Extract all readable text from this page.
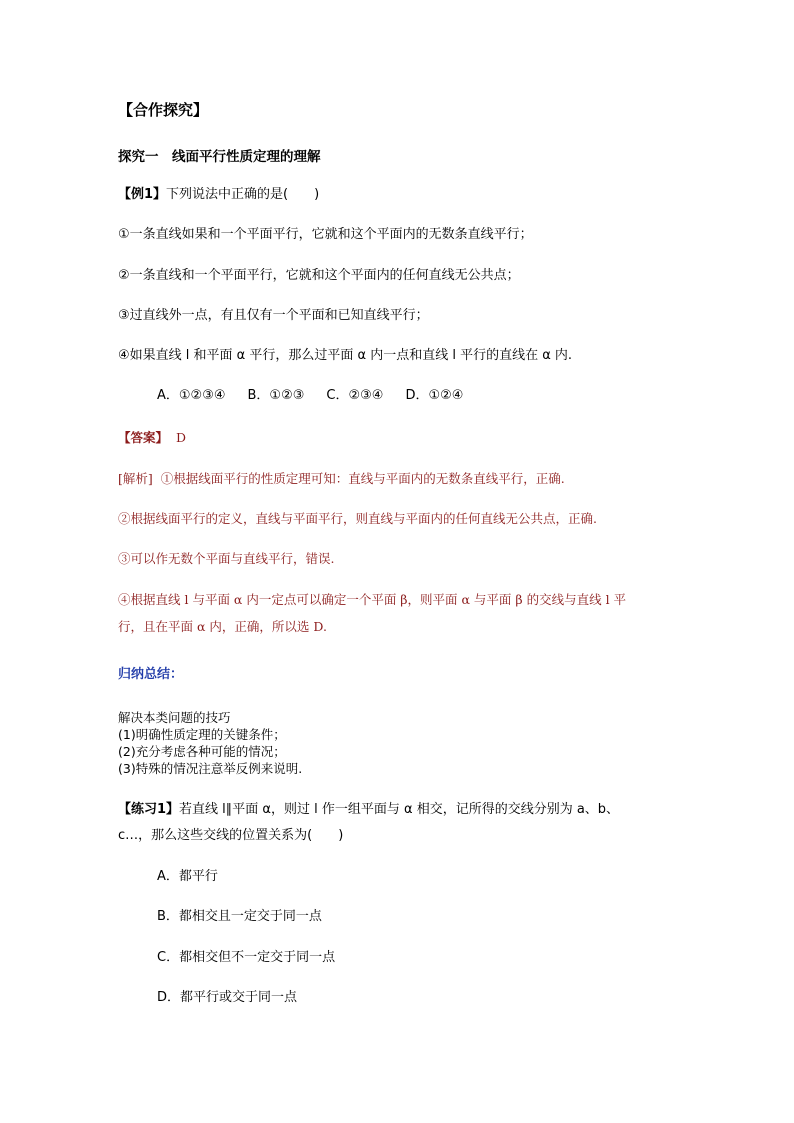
【合作探究】
探究一　线面平行性质定理的理解
【例1】下列说法中正确的是(　　)
①一条直线如果和一个平面平行，它就和这个平面内的无数条直线平行；
②一条直线和一个平面平行，它就和这个平面内的任何直线无公共点；
③过直线外一点，有且仅有一个平面和已知直线平行；
④如果直线 l 和平面 α 平行，那么过平面 α 内一点和直线 l 平行的直线在 α 内.
A．①②③④ B．①②③ C．②③④ D．①②④
【答案】 D
[解析] ①根据线面平行的性质定理可知：直线与平面内的无数条直线平行，正确.
②根据线面平行的定义，直线与平面平行，则直线与平面内的任何直线无公共点，正确.
③可以作无数个平面与直线平行，错误.
④根据直线 l 与平面 α 内一定点可以确定一个平面 β，则平面 α 与平面 β 的交线与直线 l 平
行，且在平面 α 内，正确，所以选 D.
归纳总结：
解决本类问题的技巧
(1)明确性质定理的关键条件；
(2)充分考虑各种可能的情况；
(3)特殊的情况注意举反例来说明.
【练习1】若直线 l∥平面 α，则过 l 作一组平面与 α 相交，记所得的交线分别为 a、b、
c…，那么这些交线的位置关系为(　　)
A．都平行
B．都相交且一定交于同一点
C．都相交但不一定交于同一点
D．都平行或交于同一点
